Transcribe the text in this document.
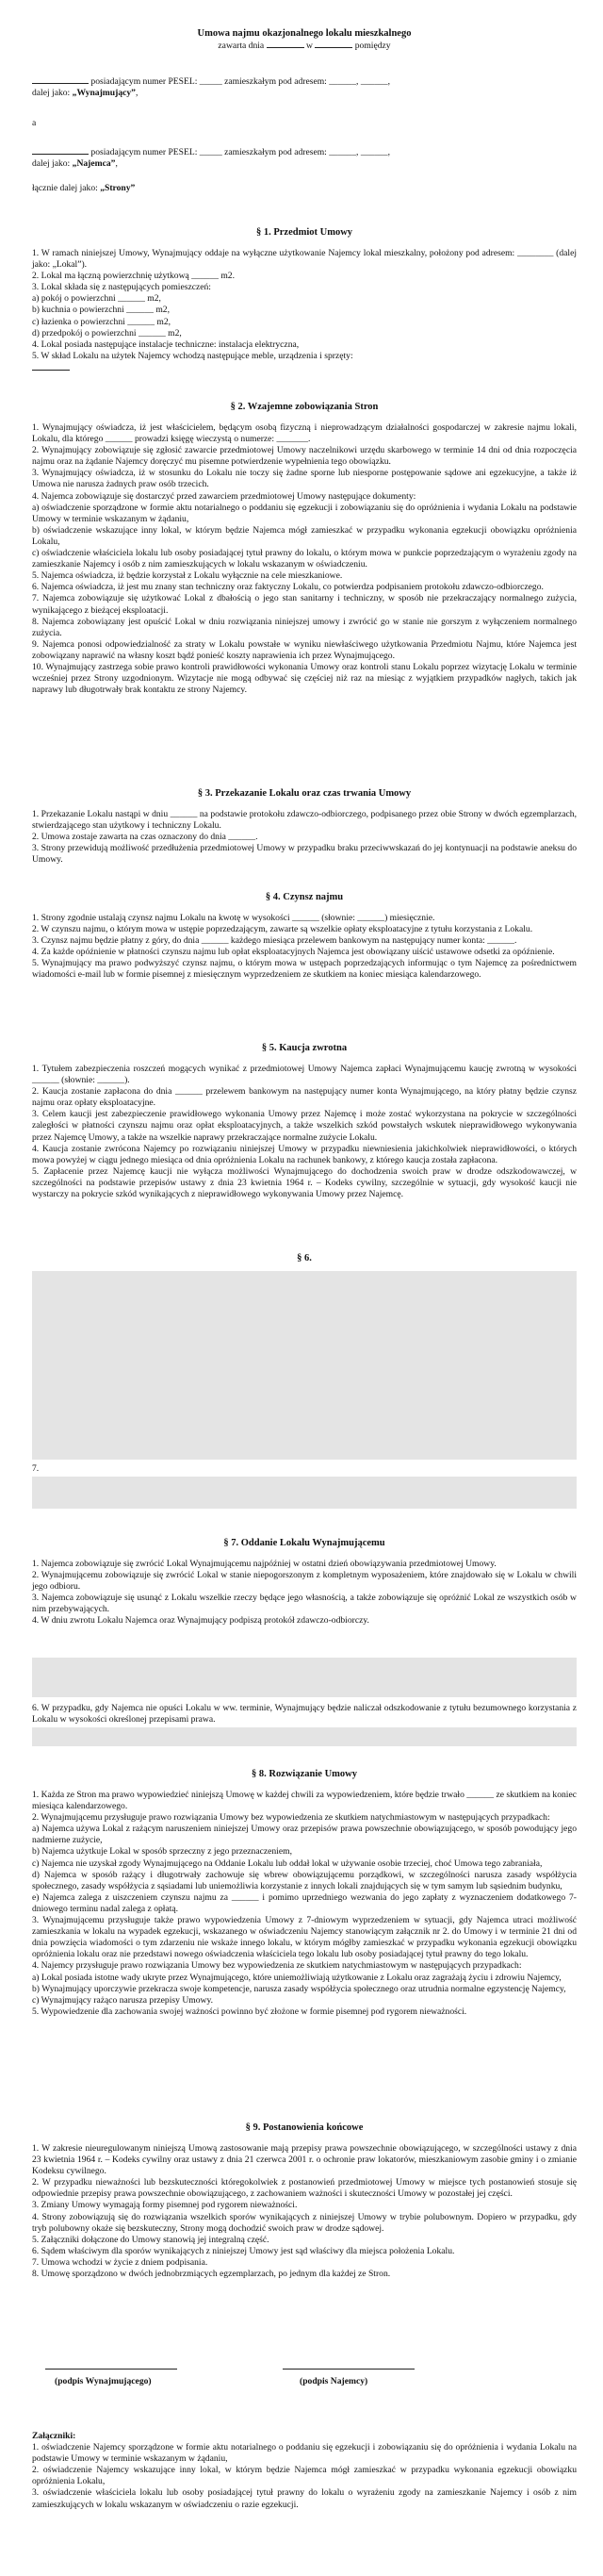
Umowa najmu okazjonalnego lokalu mieszkalnego

zawarta dnia	w	pomiędzy

posiadającym numer PESEL: _____ zamieszkałym pod adresem: ______, ______,

dalej jako: „Wynajmujący”,

a

posiadającym numer PESEL: _____ zamieszkałym pod adresem: ______, ______,

dalej jako: „Najemca”,

łącznie dalej jako: „Strony”

§ 1. Przedmiot Umowy

1. W ramach niniejszej Umowy, Wynajmujący oddaje na wyłączne użytkowanie Najemcy lokal mieszkalny, położony pod adresem: ________ (dalej jako: „Lokal”).

2. Lokal ma łączną powierzchnię użytkową ______ m2.

3. Lokal składa się z następujących pomieszczeń:

a) pokój o powierzchni ______ m2,

b) kuchnia o powierzchni ______ m2,

c) łazienka o powierzchni ______ m2,

d) przedpokój o powierzchni ______ m2,

4. Lokal posiada następujące instalacje techniczne: instalacja elektryczna,

5. W skład Lokalu na użytek Najemcy wchodzą następujące meble, urządzenia i sprzęty:

§ 2. Wzajemne zobowiązania Stron

1. Wynajmujący oświadcza, iż jest właścicielem, będącym osobą fizyczną i nieprowadzącym działalności gospodarczej w zakresie najmu lokali, Lokalu, dla którego ______ prowadzi księgę wieczystą o numerze: _______.

2. Wynajmujący zobowiązuje się zgłosić zawarcie przedmiotowej Umowy naczelnikowi urzędu skarbowego w terminie 14 dni od dnia rozpoczęcia najmu oraz na żądanie Najemcy doręczyć mu pisemne potwierdzenie wypełnienia tego obowiązku.

3. Wynajmujący oświadcza, iż w stosunku do Lokalu nie toczy się żadne sporne lub niesporne postępowanie sądowe ani egzekucyjne, a także iż Umowa nie narusza żadnych praw osób trzecich.

4. Najemca zobowiązuje się dostarczyć przed zawarciem przedmiotowej Umowy następujące dokumenty:

a) oświadczenie sporządzone w formie aktu notarialnego o poddaniu się egzekucji i zobowiązaniu się do opróżnienia i wydania Lokalu na podstawie Umowy w terminie wskazanym w żądaniu,

b) oświadczenie wskazujące inny lokal, w którym będzie Najemca mógł zamieszkać w przypadku wykonania egzekucji obowiązku opróżnienia Lokalu,

c) oświadczenie właściciela lokalu lub osoby posiadającej tytuł prawny do lokalu, o którym mowa w punkcie poprzedzającym o wyrażeniu zgody na zamieszkanie Najemcy i osób z nim zamieszkujących w lokalu wskazanym w oświadczeniu.

5. Najemca oświadcza, iż będzie korzystał z Lokalu wyłącznie na cele mieszkaniowe.

6. Najemca oświadcza, iż jest mu znany stan techniczny oraz faktyczny Lokalu, co potwierdza podpisaniem protokołu zdawczo-odbiorczego.

7. Najemca zobowiązuje się użytkować Lokal z dbałością o jego stan sanitarny i techniczny, w sposób nie przekraczający normalnego zużycia, wynikającego z bieżącej eksploatacji.

8. Najemca zobowiązany jest opuścić Lokal w dniu rozwiązania niniejszej umowy i zwrócić go w stanie nie gorszym z wyłączeniem normalnego zużycia.

9. Najemca ponosi odpowiedzialność za straty w Lokalu powstałe w wyniku niewłaściwego użytkowania Przedmiotu Najmu, które Najemca jest zobowiązany naprawić na własny koszt bądź ponieść koszty naprawienia ich przez Wynajmującego.

10. Wynajmujący zastrzega sobie prawo kontroli prawidłowości wykonania Umowy oraz kontroli stanu Lokalu poprzez wizytację Lokalu w terminie wcześniej przez Strony uzgodnionym. Wizytacje nie mogą odbywać się częściej niż raz na miesiąc z wyjątkiem przypadków nagłych, takich jak naprawy lub długotrwały brak kontaktu ze strony Najemcy.

§ 3. Przekazanie Lokalu oraz czas trwania Umowy

1. Przekazanie Lokalu nastąpi w dniu ______ na podstawie protokołu zdawczo-odbiorczego, podpisanego przez obie Strony w dwóch egzemplarzach, stwierdzającego stan użytkowy i techniczny Lokalu.

2. Umowa zostaje zawarta na czas oznaczony do dnia ______.

3. Strony przewidują możliwość przedłużenia przedmiotowej Umowy w przypadku braku przeciwwskazań do jej kontynuacji na podstawie aneksu do Umowy.

§ 4. Czynsz najmu

1. Strony zgodnie ustalają czynsz najmu Lokalu na kwotę w wysokości ______ (słownie: ______) miesięcznie.

2. W czynszu najmu, o którym mowa w ustępie poprzedzającym, zawarte są wszelkie opłaty eksploatacyjne z tytułu korzystania z Lokalu.

3. Czynsz najmu będzie płatny z góry, do dnia ______ każdego miesiąca przelewem bankowym na następujący numer konta: ______.

4. Za każde opóźnienie w płatności czynszu najmu lub opłat eksploatacyjnych Najemca jest obowiązany uiścić ustawowe odsetki za opóźnienie.

5. Wynajmujący ma prawo podwyższyć czynsz najmu, o którym mowa w ustępach poprzedzających informując o tym Najemcę za pośrednictwem wiadomości e-mail lub w formie pisemnej z miesięcznym wyprzedzeniem ze skutkiem na koniec miesiąca kalendarzowego.

§ 5. Kaucja zwrotna

1. Tytułem zabezpieczenia roszczeń mogących wynikać z przedmiotowej Umowy Najemca zapłaci Wynajmującemu kaucję zwrotną w wysokości ______ (słownie: ______).

2. Kaucja zostanie zapłacona do dnia ______ przelewem bankowym na następujący numer konta Wynajmującego, na który płatny będzie czynsz najmu oraz opłaty eksploatacyjne.

3. Celem kaucji jest zabezpieczenie prawidłowego wykonania Umowy przez Najemcę i może zostać wykorzystana na pokrycie w szczególności zaległości w płatności czynszu najmu oraz opłat eksploatacyjnych, a także wszelkich szkód powstałych wskutek nieprawidłowego wykonywania przez Najemcę Umowy, a także na wszelkie naprawy przekraczające normalne zużycie Lokalu.

4. Kaucja zostanie zwrócona Najemcy po rozwiązaniu niniejszej Umowy w przypadku niewniesienia jakichkolwiek nieprawidłowości, o których mowa powyżej w ciągu jednego miesiąca od dnia opróżnienia Lokalu na rachunek bankowy, z którego kaucja została zapłacona.

5. Zapłacenie przez Najemcę kaucji nie wyłącza możliwości Wynajmującego do dochodzenia swoich praw w drodze odszkodowawczej, w szczególności na podstawie przepisów ustawy z dnia 23 kwietnia 1964 r. – Kodeks cywilny, szczególnie w sytuacji, gdy wysokość kaucji nie wystarczy na pokrycie szkód wynikających z nieprawidłowego wykonywania Umowy przez Najemcę.

§ 6.

7.

§ 7. Oddanie Lokalu Wynajmującemu

1. Najemca zobowiązuje się zwrócić Lokal Wynajmującemu najpóźniej w ostatni dzień obowiązywania przedmiotowej Umowy.

2. Wynajmującemu zobowiązuje się zwrócić Lokal w stanie niepogorszonym z kompletnym wyposażeniem, które znajdowało się w Lokalu w chwili jego odbioru.

3. Najemca zobowiązuje się usunąć z Lokalu wszelkie rzeczy będące jego własnością, a także zobowiązuje się opróżnić Lokal ze wszystkich osób w nim przebywających.

4. W dniu zwrotu Lokalu Najemca oraz Wynajmujący podpiszą protokół zdawczo-odbiorczy.

6. W przypadku, gdy Najemca nie opuści Lokalu w ww. terminie, Wynajmujący będzie naliczał odszkodowanie z tytułu bezumownego korzystania z Lokalu w wysokości określonej przepisami prawa.

§ 8. Rozwiązanie Umowy

1. Każda ze Stron ma prawo wypowiedzieć niniejszą Umowę w każdej chwili za wypowiedzeniem, które będzie trwało ______ ze skutkiem na koniec miesiąca kalendarzowego.

2. Wynajmującemu przysługuje prawo rozwiązania Umowy bez wypowiedzenia ze skutkiem natychmiastowym w następujących przypadkach:

a) Najemca używa Lokal z rażącym naruszeniem niniejszej Umowy oraz przepisów prawa powszechnie obowiązującego, w sposób powodujący jego nadmierne zużycie,

b) Najemca użytkuje Lokal w sposób sprzeczny z jego przeznaczeniem,

c) Najemca nie uzyskał zgody Wynajmującego na Oddanie Lokalu lub oddał lokal w używanie osobie trzeciej, choć Umowa tego zabraniała,

d) Najemca w sposób rażący i długotrwały zachowuje się wbrew obowiązującemu porządkowi, w szczególności narusza zasady współżycia społecznego, zasady współżycia z sąsiadami lub uniemożliwia korzystanie z innych lokali znajdujących się w tym samym lub sąsiednim budynku,

e) Najemca zalega z uiszczeniem czynszu najmu za ______ i pomimo uprzedniego wezwania do jego zapłaty z wyznaczeniem dodatkowego 7-dniowego terminu nadal zalega z opłatą.

3. Wynajmującemu przysługuje także prawo wypowiedzenia Umowy z 7-dniowym wyprzedzeniem w sytuacji, gdy Najemca utraci możliwość zamieszkania w lokalu na wypadek egzekucji, wskazanego w oświadczeniu Najemcy stanowiącym załącznik nr 2. do Umowy i w terminie 21 dni od dnia powzięcia wiadomości o tym zdarzeniu nie wskaże innego lokalu, w którym mógłby zamieszkać w przypadku wykonania egzekucji obowiązku opróżnienia lokalu oraz nie przedstawi nowego oświadczenia właściciela tego lokalu lub osoby posiadającej tytuł prawny do tego lokalu.

4. Najemcy przysługuje prawo rozwiązania Umowy bez wypowiedzenia ze skutkiem natychmiastowym w następujących przypadkach:

a) Lokal posiada istotne wady ukryte przez Wynajmującego, które uniemożliwiają użytkowanie z Lokalu oraz zagrażają życiu i zdrowiu Najemcy,

b) Wynajmujący uporczywie przekracza swoje kompetencje, narusza zasady współżycia społecznego oraz utrudnia normalne egzystencję Najemcy,

c) Wynajmujący rażąco narusza przepisy Umowy.

5. Wypowiedzenie dla zachowania swojej ważności powinno być złożone w formie pisemnej pod rygorem nieważności.

§ 9. Postanowienia końcowe

1. W zakresie nieuregulowanym niniejszą Umową zastosowanie mają przepisy prawa powszechnie obowiązującego, w szczególności ustawy z dnia 23 kwietnia 1964 r. – Kodeks cywilny oraz ustawy z dnia 21 czerwca 2001 r. o ochronie praw lokatorów, mieszkaniowym zasobie gminy i o zmianie Kodeksu cywilnego.

2. W przypadku nieważności lub bezskuteczności któregokolwiek z postanowień przedmiotowej Umowy w miejsce tych postanowień stosuje się odpowiednie przepisy prawa powszechnie obowiązującego, z zachowaniem ważności i skuteczności Umowy w pozostałej jej części.

3. Zmiany Umowy wymagają formy pisemnej pod rygorem nieważności.

4. Strony zobowiązują się do rozwiązania wszelkich sporów wynikających z niniejszej Umowy w trybie polubownym. Dopiero w przypadku, gdy tryb polubowny okaże się bezskuteczny, Strony mogą dochodzić swoich praw w drodze sądowej.

5. Załączniki dołączone do Umowy stanowią jej integralną część.

6. Sądem właściwym dla sporów wynikających z niniejszej Umowy jest sąd właściwy dla miejsca położenia Lokalu.

7. Umowa wchodzi w życie z dniem podpisania.

8. Umowę sporządzono w dwóch jednobrzmiących egzemplarzach, po jednym dla każdej ze Stron.

(podpis Wynajmującego)	(podpis Najemcy)

Załączniki:

1. oświadczenie Najemcy sporządzone w formie aktu notarialnego o poddaniu się egzekucji i zobowiązaniu się do opróżnienia i wydania Lokalu na podstawie Umowy w terminie wskazanym w żądaniu,

2. oświadczenie Najemcy wskazujące inny lokal, w którym będzie Najemca mógł zamieszkać w przypadku wykonania egzekucji obowiązku opróżnienia Lokalu,

3. oświadczenie właściciela lokalu lub osoby posiadającej tytuł prawny do lokalu o wyrażeniu zgody na zamieszkanie Najemcy i osób z nim zamieszkujących w lokalu wskazanym w oświadczeniu o razie egzekucji.
